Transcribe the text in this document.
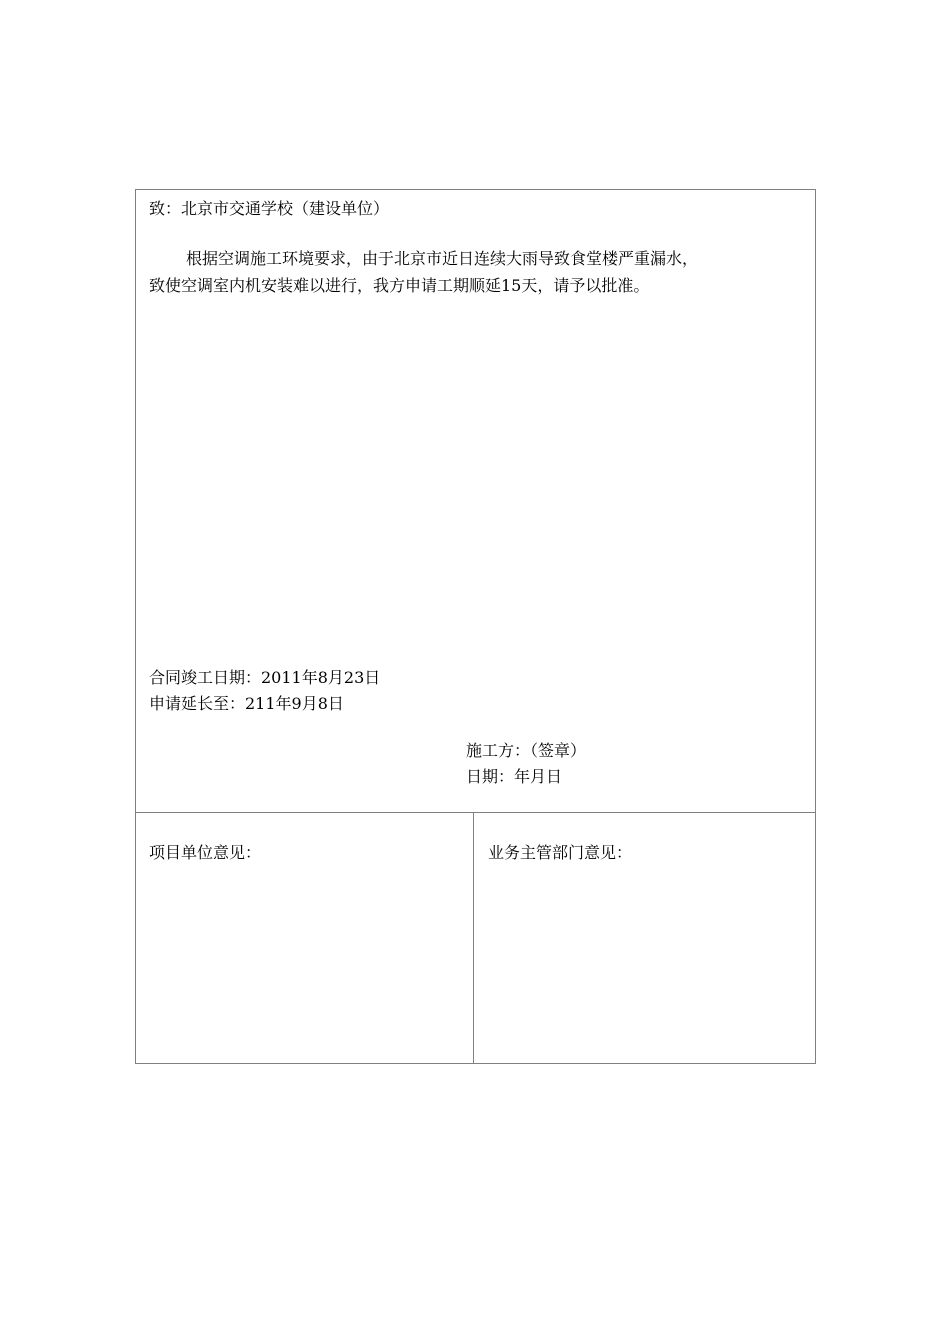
致：北京市交通学校（建设单位）
根据空调施工环境要求，由于北京市近日连续大雨导致食堂楼严重漏水，
致使空调室内机安装难以进行，我方申请工期顺延15天，请予以批准。
合同竣工日期：2011年8月23日
申请延长至：211年9月8日
施工方：（签章）
日期：年月日
项目单位意见：	业务主管部门意见：
